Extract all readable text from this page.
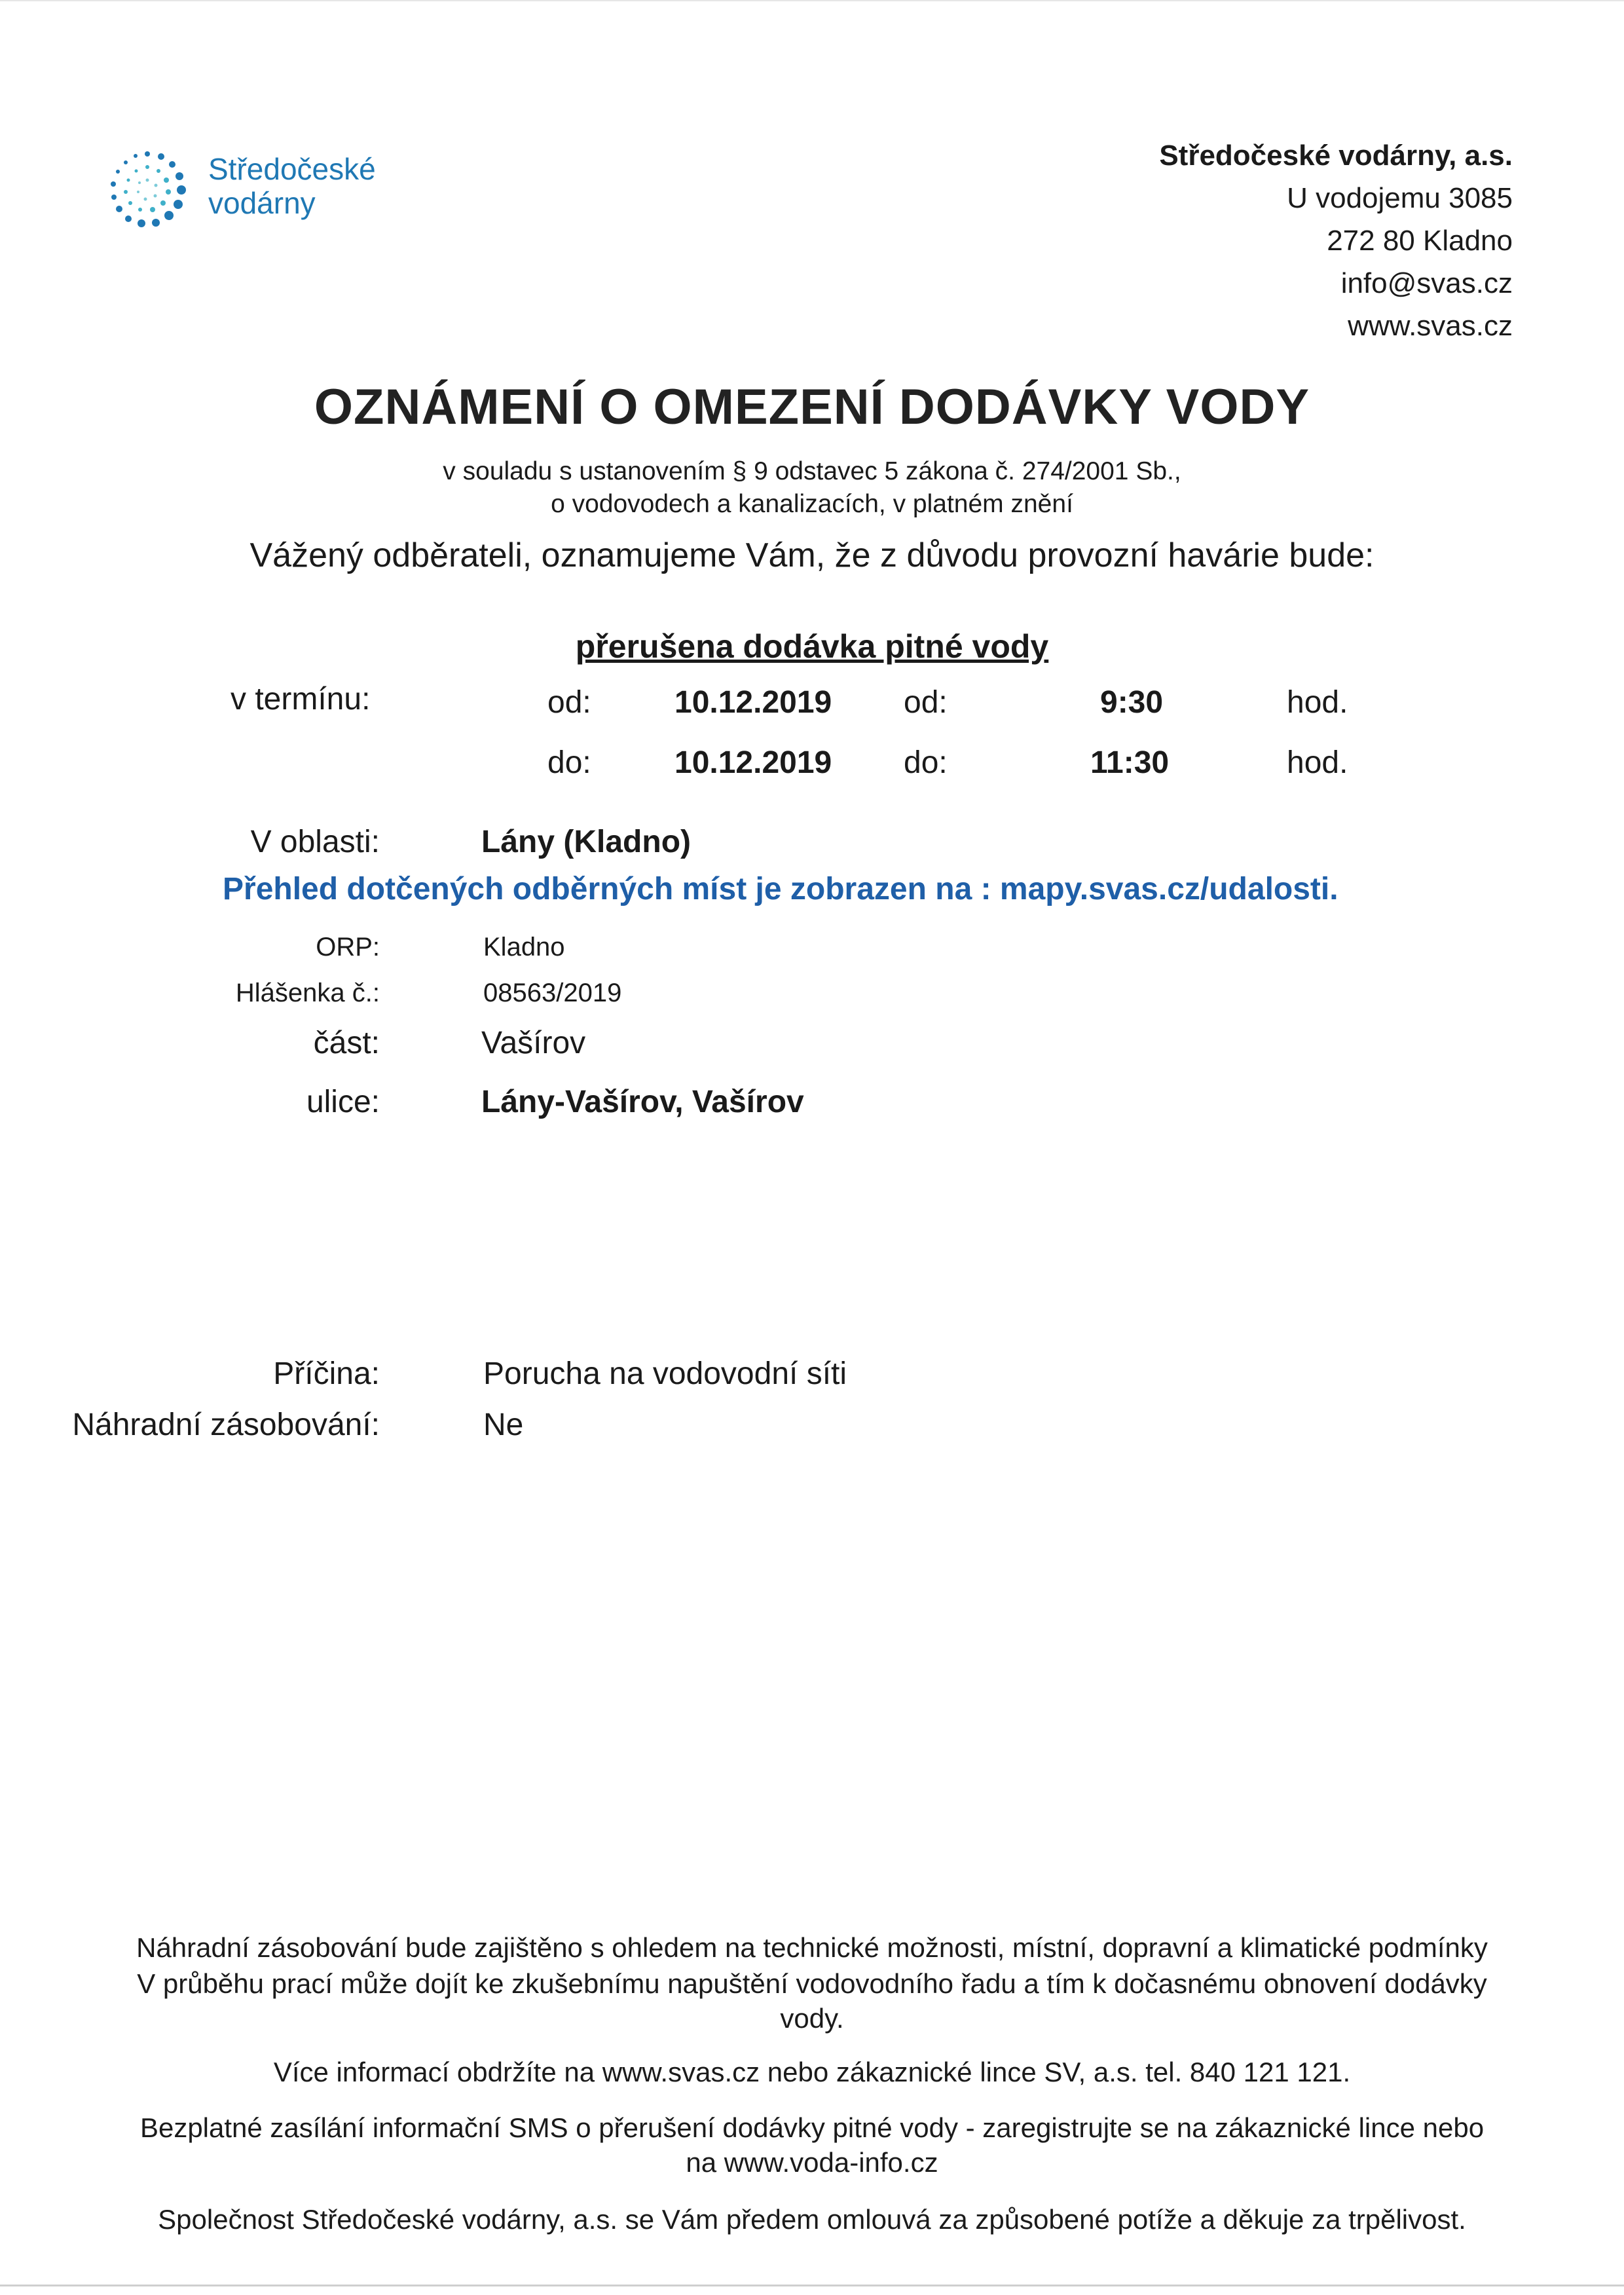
Středočeské
vodárny
Středočeské vodárny, a.s.
U vodojemu 3085
272 80 Kladno
info@svas.cz
www.svas.cz
OZNÁMENÍ O OMEZENÍ DODÁVKY VODY
v souladu s ustanovením § 9 odstavec 5 zákona č. 274/2001 Sb.,
o vodovodech a kanalizacích, v platném znění
Vážený odběrateli, oznamujeme Vám, že z důvodu provozní havárie bude:
přerušena dodávka pitné vody
v termínu:	od:	10.12.2019 od:	9:30	hod.
do:	10.12.2019 do:	11:30	hod.
V oblasti:	Lány (Kladno)
Přehled dotčených odběrných míst je zobrazen na : mapy.svas.cz/udalosti.
ORP:	Kladno
Hlášenka č.:	08563/2019
část:	Vašírov
ulice:	Lány-Vašírov, Vašírov
Příčina:	Porucha na vodovodní síti
Náhradní zásobování:	Ne
Náhradní zásobování bude zajištěno s ohledem na technické možnosti, místní, dopravní a klimatické podmínky
V průběhu prací může dojít ke zkušebnímu napuštění vodovodního řadu a tím k dočasnému obnovení dodávky
vody.
Více informací obdržíte na www.svas.cz nebo zákaznické lince SV, a.s. tel. 840 121 121.
Bezplatné zasílání informační SMS o přerušení dodávky pitné vody - zaregistrujte se na zákaznické lince nebo
na www.voda-info.cz
Společnost Středočeské vodárny, a.s. se Vám předem omlouvá za způsobené potíže a děkuje za trpělivost.
